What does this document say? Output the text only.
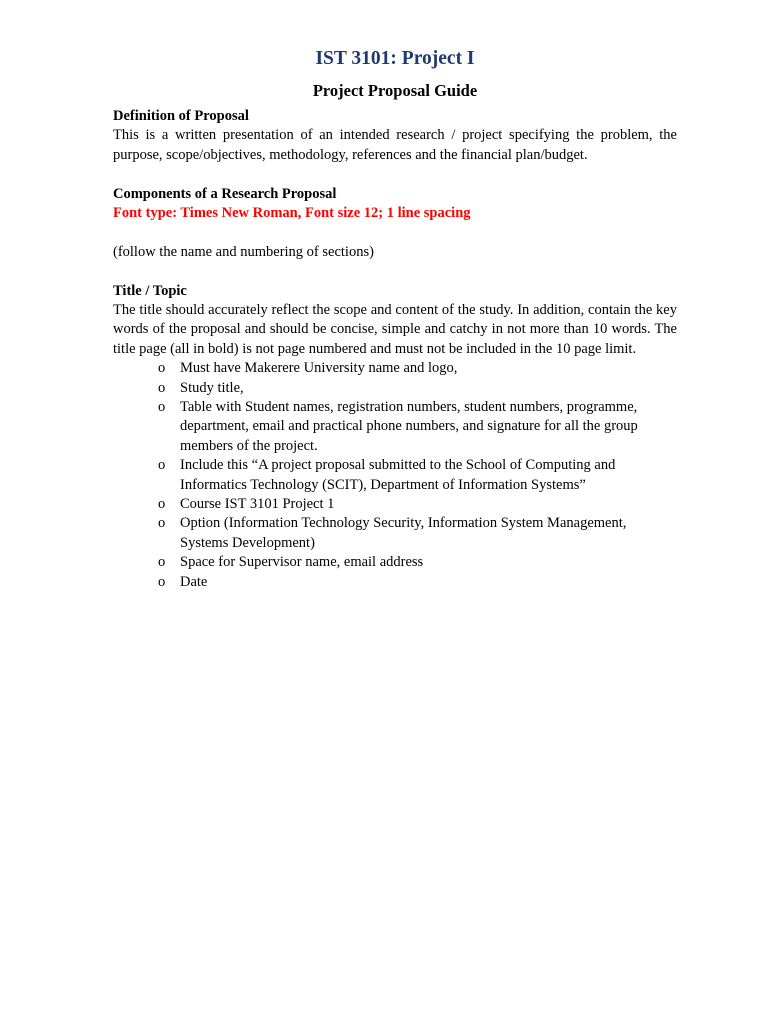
IST 3101: Project I
Project Proposal Guide
Definition of Proposal
This is a written presentation of an intended research / project specifying the problem, the purpose, scope/objectives, methodology, references and the financial plan/budget.
Components of a Research Proposal
Font type: Times New Roman, Font size 12; 1 line spacing
(follow the name and numbering of sections)
Title / Topic
The title should accurately reflect the scope and content of the study. In addition, contain the key words of the proposal and should be concise, simple and catchy in not more than 10 words. The title page (all in bold) is not page numbered and must not be included in the 10 page limit.
o	Must have Makerere University name and logo,
o	Study title,
o	Table with Student names, registration numbers, student numbers, programme, department, email and practical phone numbers, and signature for all the group members of the project.
o	Include this “A project proposal submitted to the School of Computing and Informatics Technology (SCIT), Department of Information Systems”
o	Course IST 3101 Project 1
o	Option (Information Technology Security, Information System Management, Systems Development)
o	Space for Supervisor name, email address
o	Date
